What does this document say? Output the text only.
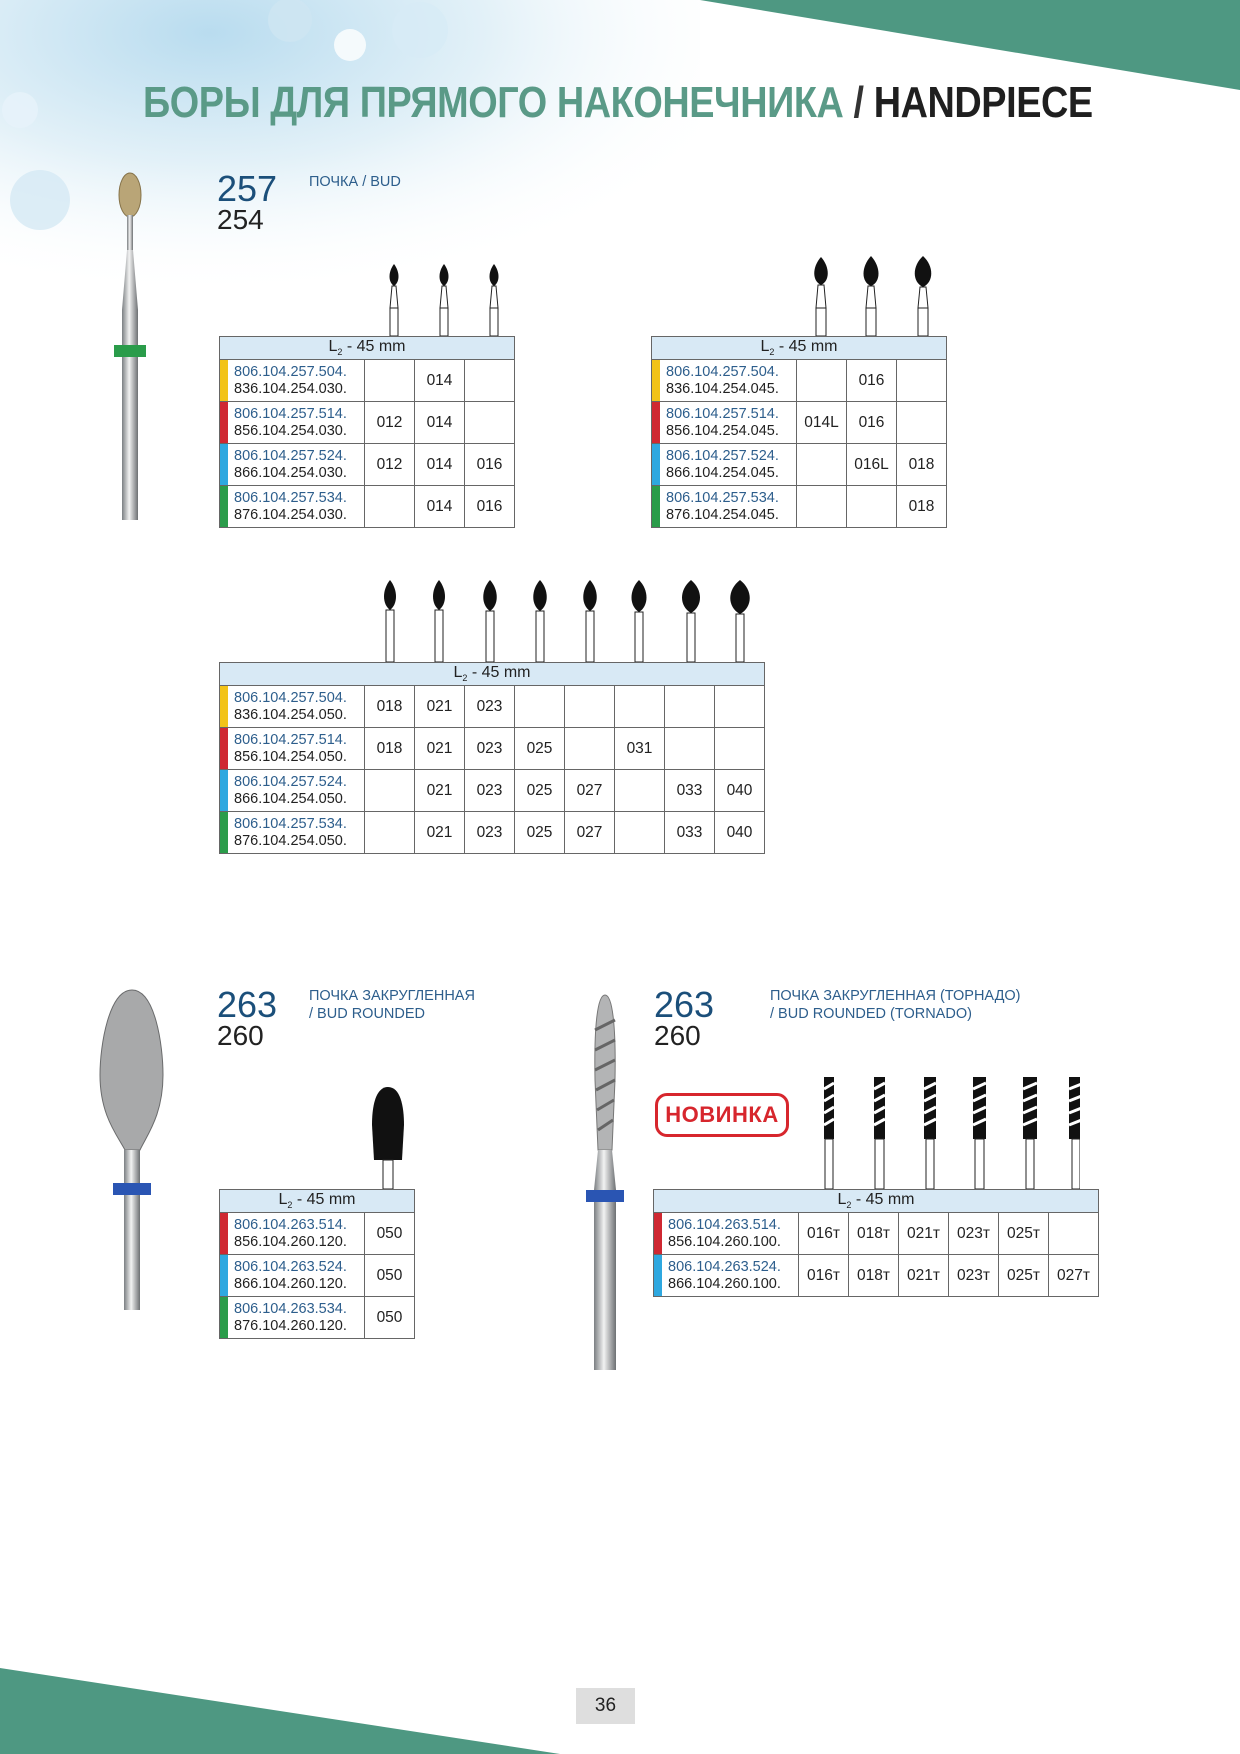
БОРЫ ДЛЯ ПРЯМОГО НАКОНЕЧНИКА / HANDPIECE
257
254
ПОЧКА / BUD
263
260
ПОЧКА ЗАКРУГЛЕННАЯ
/ BUD ROUNDED	263
260
ПОЧКА ЗАКРУГЛЕННАЯ (ТОРНАДО)
/ BUD ROUNDED (TORNADO)
НОВИНКА
$L_2 - 45$ mm			

806.104.257.504.
836.104.254.030.		014	

806.104.257.514.
856.104.254.030.	012	014	

806.104.257.524.
866.104.254.030.	012	014	016

806.104.257.534.
876.104.254.030.		014	016
$L_2 - 45$ mm			

806.104.257.504.
836.104.254.045.		016	

806.104.257.514.
856.104.254.045.	014L	016	

806.104.257.524.
866.104.254.045.		016L	018

806.104.257.534.
876.104.254.045.			018
$L_2 - 45$ mm								

806.104.257.504.
836.104.254.050.	018	021	023					

806.104.257.514.
856.104.254.050.	018	021	023	025		031		

806.104.257.524.
866.104.254.050.		021	023	025	027		033	040

806.104.257.534.
876.104.254.050.		021	023	025	027		033	040
$L_2 - 45$ mm	

806.104.263.514.
856.104.260.120.	050

806.104.263.524.
866.104.260.120.	050

806.104.263.534.
876.104.260.120.	050
$L_2 - 45$ mm						

806.104.263.514.
856.104.260.100.	016т	018т	021т	023т	025т	

806.104.263.524.
866.104.260.100.	016т	018т	021т	023т	025т	027т
36
